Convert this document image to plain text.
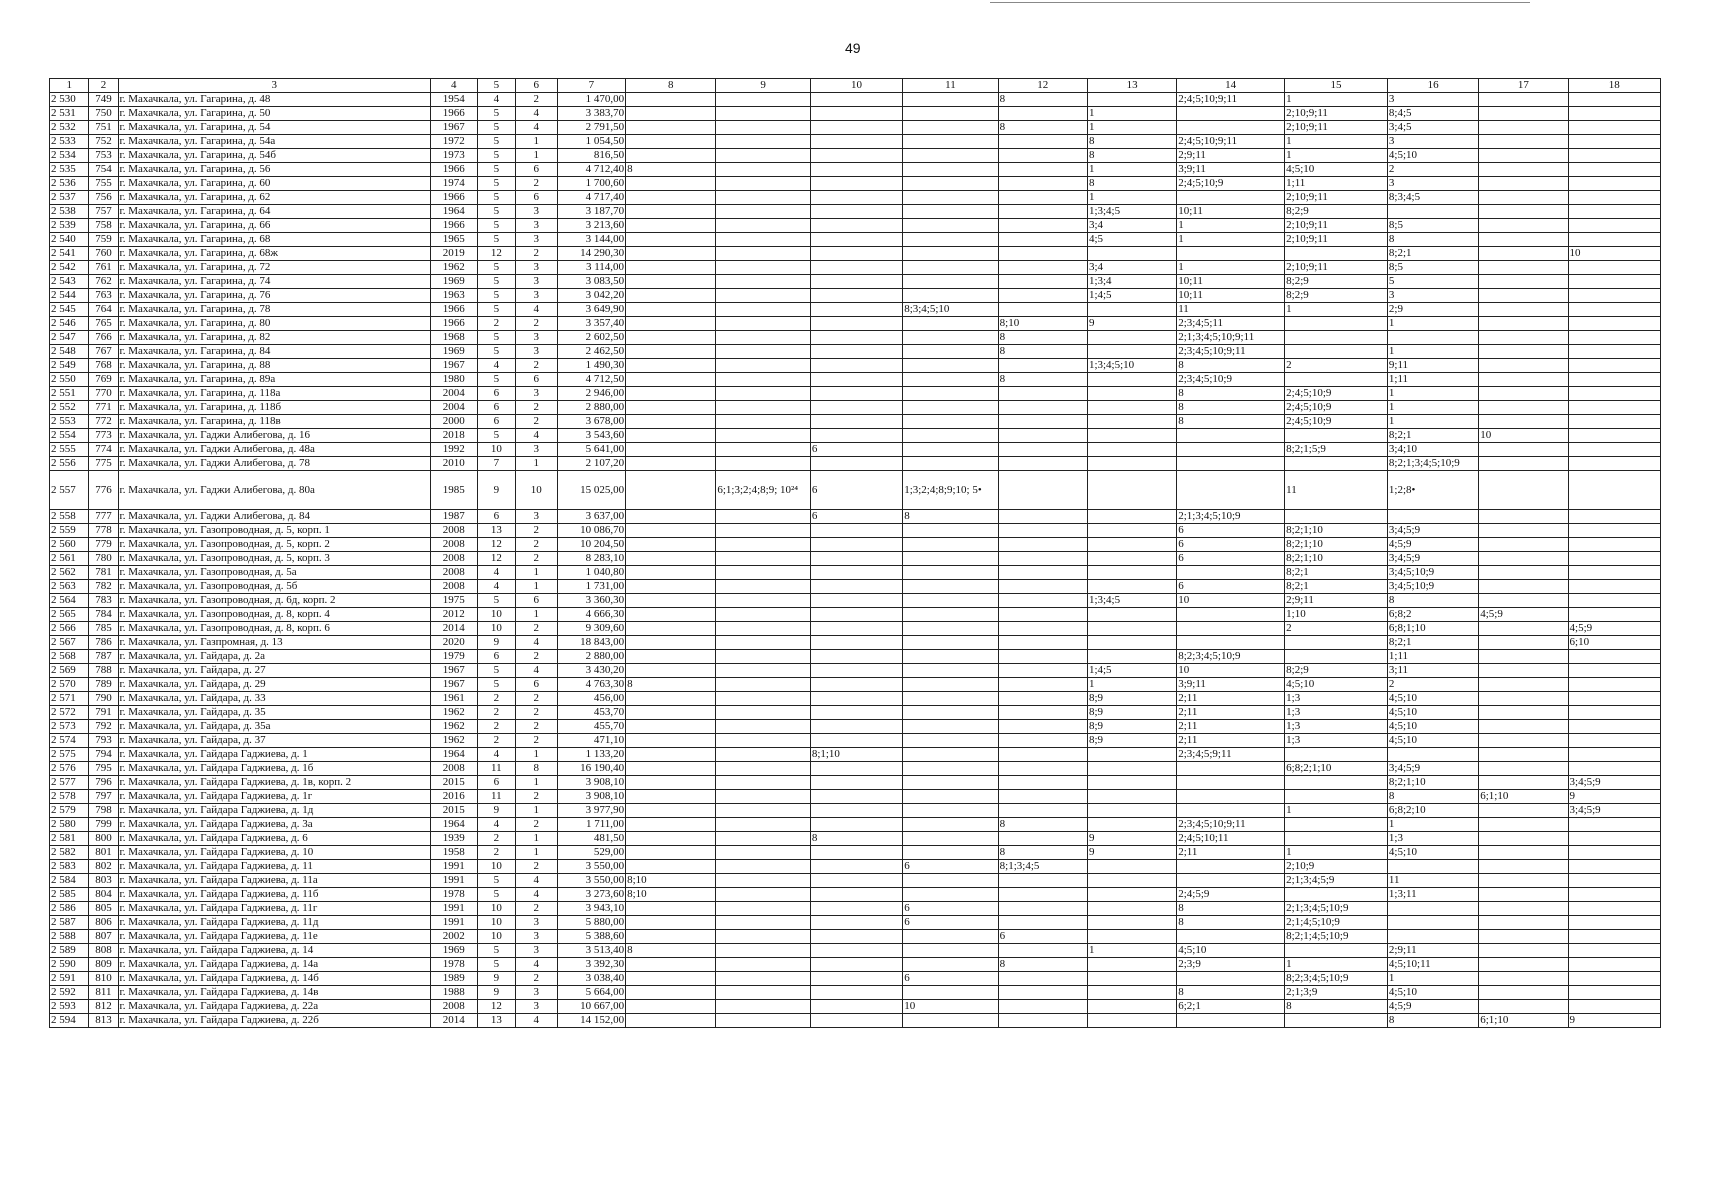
49
1	2	3	4	5	6	7	8	9	10	11	12	13	14	15	16	17	18
2 530	749	г. Махачкала, ул. Гагарина, д. 48	1954	4	2	1 470,00					8		2;4;5;10;9;11	1	3		
2 531	750	г. Махачкала, ул. Гагарина, д. 50	1966	5	4	3 383,70						1		2;10;9;11	8;4;5		
2 532	751	г. Махачкала, ул. Гагарина, д. 54	1967	5	4	2 791,50					8	1		2;10;9;11	3;4;5		
2 533	752	г. Махачкала, ул. Гагарина, д. 54а	1972	5	1	1 054,50						8	2;4;5;10;9;11	1	3		
2 534	753	г. Махачкала, ул. Гагарина, д. 54б	1973	5	1	816,50						8	2;9;11	1	4;5;10		
2 535	754	г. Махачкала, ул. Гагарина, д. 56	1966	5	6	4 712,40	8					1	3;9;11	4;5;10	2		
2 536	755	г. Махачкала, ул. Гагарина, д. 60	1974	5	2	1 700,60						8	2;4;5;10;9	1;11	3		
2 537	756	г. Махачкала, ул. Гагарина, д. 62	1966	5	6	4 717,40						1		2;10;9;11	8;3;4;5		
2 538	757	г. Махачкала, ул. Гагарина, д. 64	1964	5	3	3 187,70						1;3;4;5	10;11	8;2;9			
2 539	758	г. Махачкала, ул. Гагарина, д. 66	1966	5	3	3 213,60						3;4	1	2;10;9;11	8;5		
2 540	759	г. Махачкала, ул. Гагарина, д. 68	1965	5	3	3 144,00						4;5	1	2;10;9;11	8		
2 541	760	г. Махачкала, ул. Гагарина, д. 68ж	2019	12	2	14 290,30									8;2;1		10
2 542	761	г. Махачкала, ул. Гагарина, д. 72	1962	5	3	3 114,00						3;4	1	2;10;9;11	8;5		
2 543	762	г. Махачкала, ул. Гагарина, д. 74	1969	5	3	3 083,50						1;3;4	10;11	8;2;9	5		
2 544	763	г. Махачкала, ул. Гагарина, д. 76	1963	5	3	3 042,20						1;4;5	10;11	8;2;9	3		
2 545	764	г. Махачкала, ул. Гагарина, д. 78	1966	5	4	3 649,90				8;3;4;5;10			11	1	2;9		
2 546	765	г. Махачкала, ул. Гагарина, д. 80	1966	2	2	3 357,40					8;10	9	2;3;4;5;11		1		
2 547	766	г. Махачкала, ул. Гагарина, д. 82	1968	5	3	2 602,50					8		2;1;3;4;5;10;9;11				
2 548	767	г. Махачкала, ул. Гагарина, д. 84	1969	5	3	2 462,50					8		2;3;4;5;10;9;11		1		
2 549	768	г. Махачкала, ул. Гагарина, д. 88	1967	4	2	1 490,30						1;3;4;5;10	8	2	9;11		
2 550	769	г. Махачкала, ул. Гагарина, д. 89а	1980	5	6	4 712,50					8		2;3;4;5;10;9		1;11		
2 551	770	г. Махачкала, ул. Гагарина, д. 118а	2004	6	3	2 946,00							8	2;4;5;10;9	1		
2 552	771	г. Махачкала, ул. Гагарина, д. 118б	2004	6	2	2 880,00							8	2;4;5;10;9	1		
2 553	772	г. Махачкала, ул. Гагарина, д. 118в	2000	6	2	3 678,00							8	2;4;5;10;9	1		
2 554	773	г. Махачкала, ул. Гаджи Алибегова, д. 16	2018	5	4	3 543,60									8;2;1	10	
2 555	774	г. Махачкала, ул. Гаджи Алибегова, д. 48а	1992	10	3	5 641,00			6					8;2;1;5;9	3;4;10		
2 556	775	г. Махачкала, ул. Гаджи Алибегова, д. 78	2010	7	1	2 107,20									8;2;1;3;4;5;10;9		
2 557	776	г. Махачкала, ул. Гаджи Алибегова, д. 80а	1985	9	10	15 025,00		6;1;3;2;4;8;9; 10²⁴	6	1;3;2;4;8;9;10; 5•				11	1;2;8•		
2 558	777	г. Махачкала, ул. Гаджи Алибегова, д. 84	1987	6	3	3 637,00			6	8			2;1;3;4;5;10;9				
2 559	778	г. Махачкала, ул. Газопроводная, д. 5, корп. 1	2008	13	2	10 086,70							6	8;2;1;10	3;4;5;9		
2 560	779	г. Махачкала, ул. Газопроводная, д. 5, корп. 2	2008	12	2	10 204,50							6	8;2;1;10	4;5;9		
2 561	780	г. Махачкала, ул. Газопроводная, д. 5, корп. 3	2008	12	2	8 283,10							6	8;2;1;10	3;4;5;9		
2 562	781	г. Махачкала, ул. Газопроводная, д. 5а	2008	4	1	1 040,80								8;2;1	3;4;5;10;9		
2 563	782	г. Махачкала, ул. Газопроводная, д. 5б	2008	4	1	1 731,00							6	8;2;1	3;4;5;10;9		
2 564	783	г. Махачкала, ул. Газопроводная, д. 6д, корп. 2	1975	5	6	3 360,30						1;3;4;5	10	2;9;11	8		
2 565	784	г. Махачкала, ул. Газопроводная, д. 8, корп. 4	2012	10	1	4 666,30								1;10	6;8;2	4;5;9	
2 566	785	г. Махачкала, ул. Газопроводная, д. 8, корп. 6	2014	10	2	9 309,60								2	6;8;1;10		4;5;9
2 567	786	г. Махачкала, ул. Газпромная, д. 13	2020	9	4	18 843,00									8;2;1		6;10
2 568	787	г. Махачкала, ул. Гайдара, д. 2а	1979	6	2	2 880,00							8;2;3;4;5;10;9		1;11		
2 569	788	г. Махачкала, ул. Гайдара, д. 27	1967	5	4	3 430,20						1;4;5	10	8;2;9	3;11		
2 570	789	г. Махачкала, ул. Гайдара, д. 29	1967	5	6	4 763,30	8					1	3;9;11	4;5;10	2		
2 571	790	г. Махачкала, ул. Гайдара, д. 33	1961	2	2	456,00						8;9	2;11	1;3	4;5;10		
2 572	791	г. Махачкала, ул. Гайдара, д. 35	1962	2	2	453,70						8;9	2;11	1;3	4;5;10		
2 573	792	г. Махачкала, ул. Гайдара, д. 35а	1962	2	2	455,70						8;9	2;11	1;3	4;5;10		
2 574	793	г. Махачкала, ул. Гайдара, д. 37	1962	2	2	471,10						8;9	2;11	1;3	4;5;10		
2 575	794	г. Махачкала, ул. Гайдара Гаджиева, д. 1	1964	4	1	1 133,20			8;1;10				2;3;4;5;9;11				
2 576	795	г. Махачкала, ул. Гайдара Гаджиева, д. 1б	2008	11	8	16 190,40								6;8;2;1;10	3;4;5;9		
2 577	796	г. Махачкала, ул. Гайдара Гаджиева, д. 1в, корп. 2	2015	6	1	3 908,10									8;2;1;10		3;4;5;9
2 578	797	г. Махачкала, ул. Гайдара Гаджиева, д. 1г	2016	11	2	3 908,10									8	6;1;10	9
2 579	798	г. Махачкала, ул. Гайдара Гаджиева, д. 1д	2015	9	1	3 977,90								1	6;8;2;10		3;4;5;9
2 580	799	г. Махачкала, ул. Гайдара Гаджиева, д. 3а	1964	4	2	1 711,00					8		2;3;4;5;10;9;11		1		
2 581	800	г. Махачкала, ул. Гайдара Гаджиева, д. 6	1939	2	1	481,50			8			9	2;4;5;10;11		1;3		
2 582	801	г. Махачкала, ул. Гайдара Гаджиева, д. 10	1958	2	1	529,00					8	9	2;11	1	4;5;10		
2 583	802	г. Махачкала, ул. Гайдара Гаджиева, д. 11	1991	10	2	3 550,00				6	8;1;3;4;5			2;10;9			
2 584	803	г. Махачкала, ул. Гайдара Гаджиева, д. 11а	1991	5	4	3 550,00	8;10							2;1;3;4;5;9	11		
2 585	804	г. Махачкала, ул. Гайдара Гаджиева, д. 11б	1978	5	4	3 273,60	8;10						2;4;5;9		1;3;11		
2 586	805	г. Махачкала, ул. Гайдара Гаджиева, д. 11г	1991	10	2	3 943,10				6			8	2;1;3;4;5;10;9			
2 587	806	г. Махачкала, ул. Гайдара Гаджиева, д. 11д	1991	10	3	5 880,00				6			8	2;1;4;5;10;9			
2 588	807	г. Махачкала, ул. Гайдара Гаджиева, д. 11е	2002	10	3	5 388,60					6			8;2;1;4;5;10;9			
2 589	808	г. Махачкала, ул. Гайдара Гаджиева, д. 14	1969	5	3	3 513,40	8					1	4;5;10		2;9;11		
2 590	809	г. Махачкала, ул. Гайдара Гаджиева, д. 14а	1978	5	4	3 392,30					8		2;3;9	1	4;5;10;11		
2 591	810	г. Махачкала, ул. Гайдара Гаджиева, д. 14б	1989	9	2	3 038,40				6				8;2;3;4;5;10;9	1		
2 592	811	г. Махачкала, ул. Гайдара Гаджиева, д. 14в	1988	9	3	5 664,00							8	2;1;3;9	4;5;10		
2 593	812	г. Махачкала, ул. Гайдара Гаджиева, д. 22а	2008	12	3	10 667,00				10			6;2;1	8	4;5;9		
2 594	813	г. Махачкала, ул. Гайдара Гаджиева, д. 22б	2014	13	4	14 152,00									8	6;1;10	9
